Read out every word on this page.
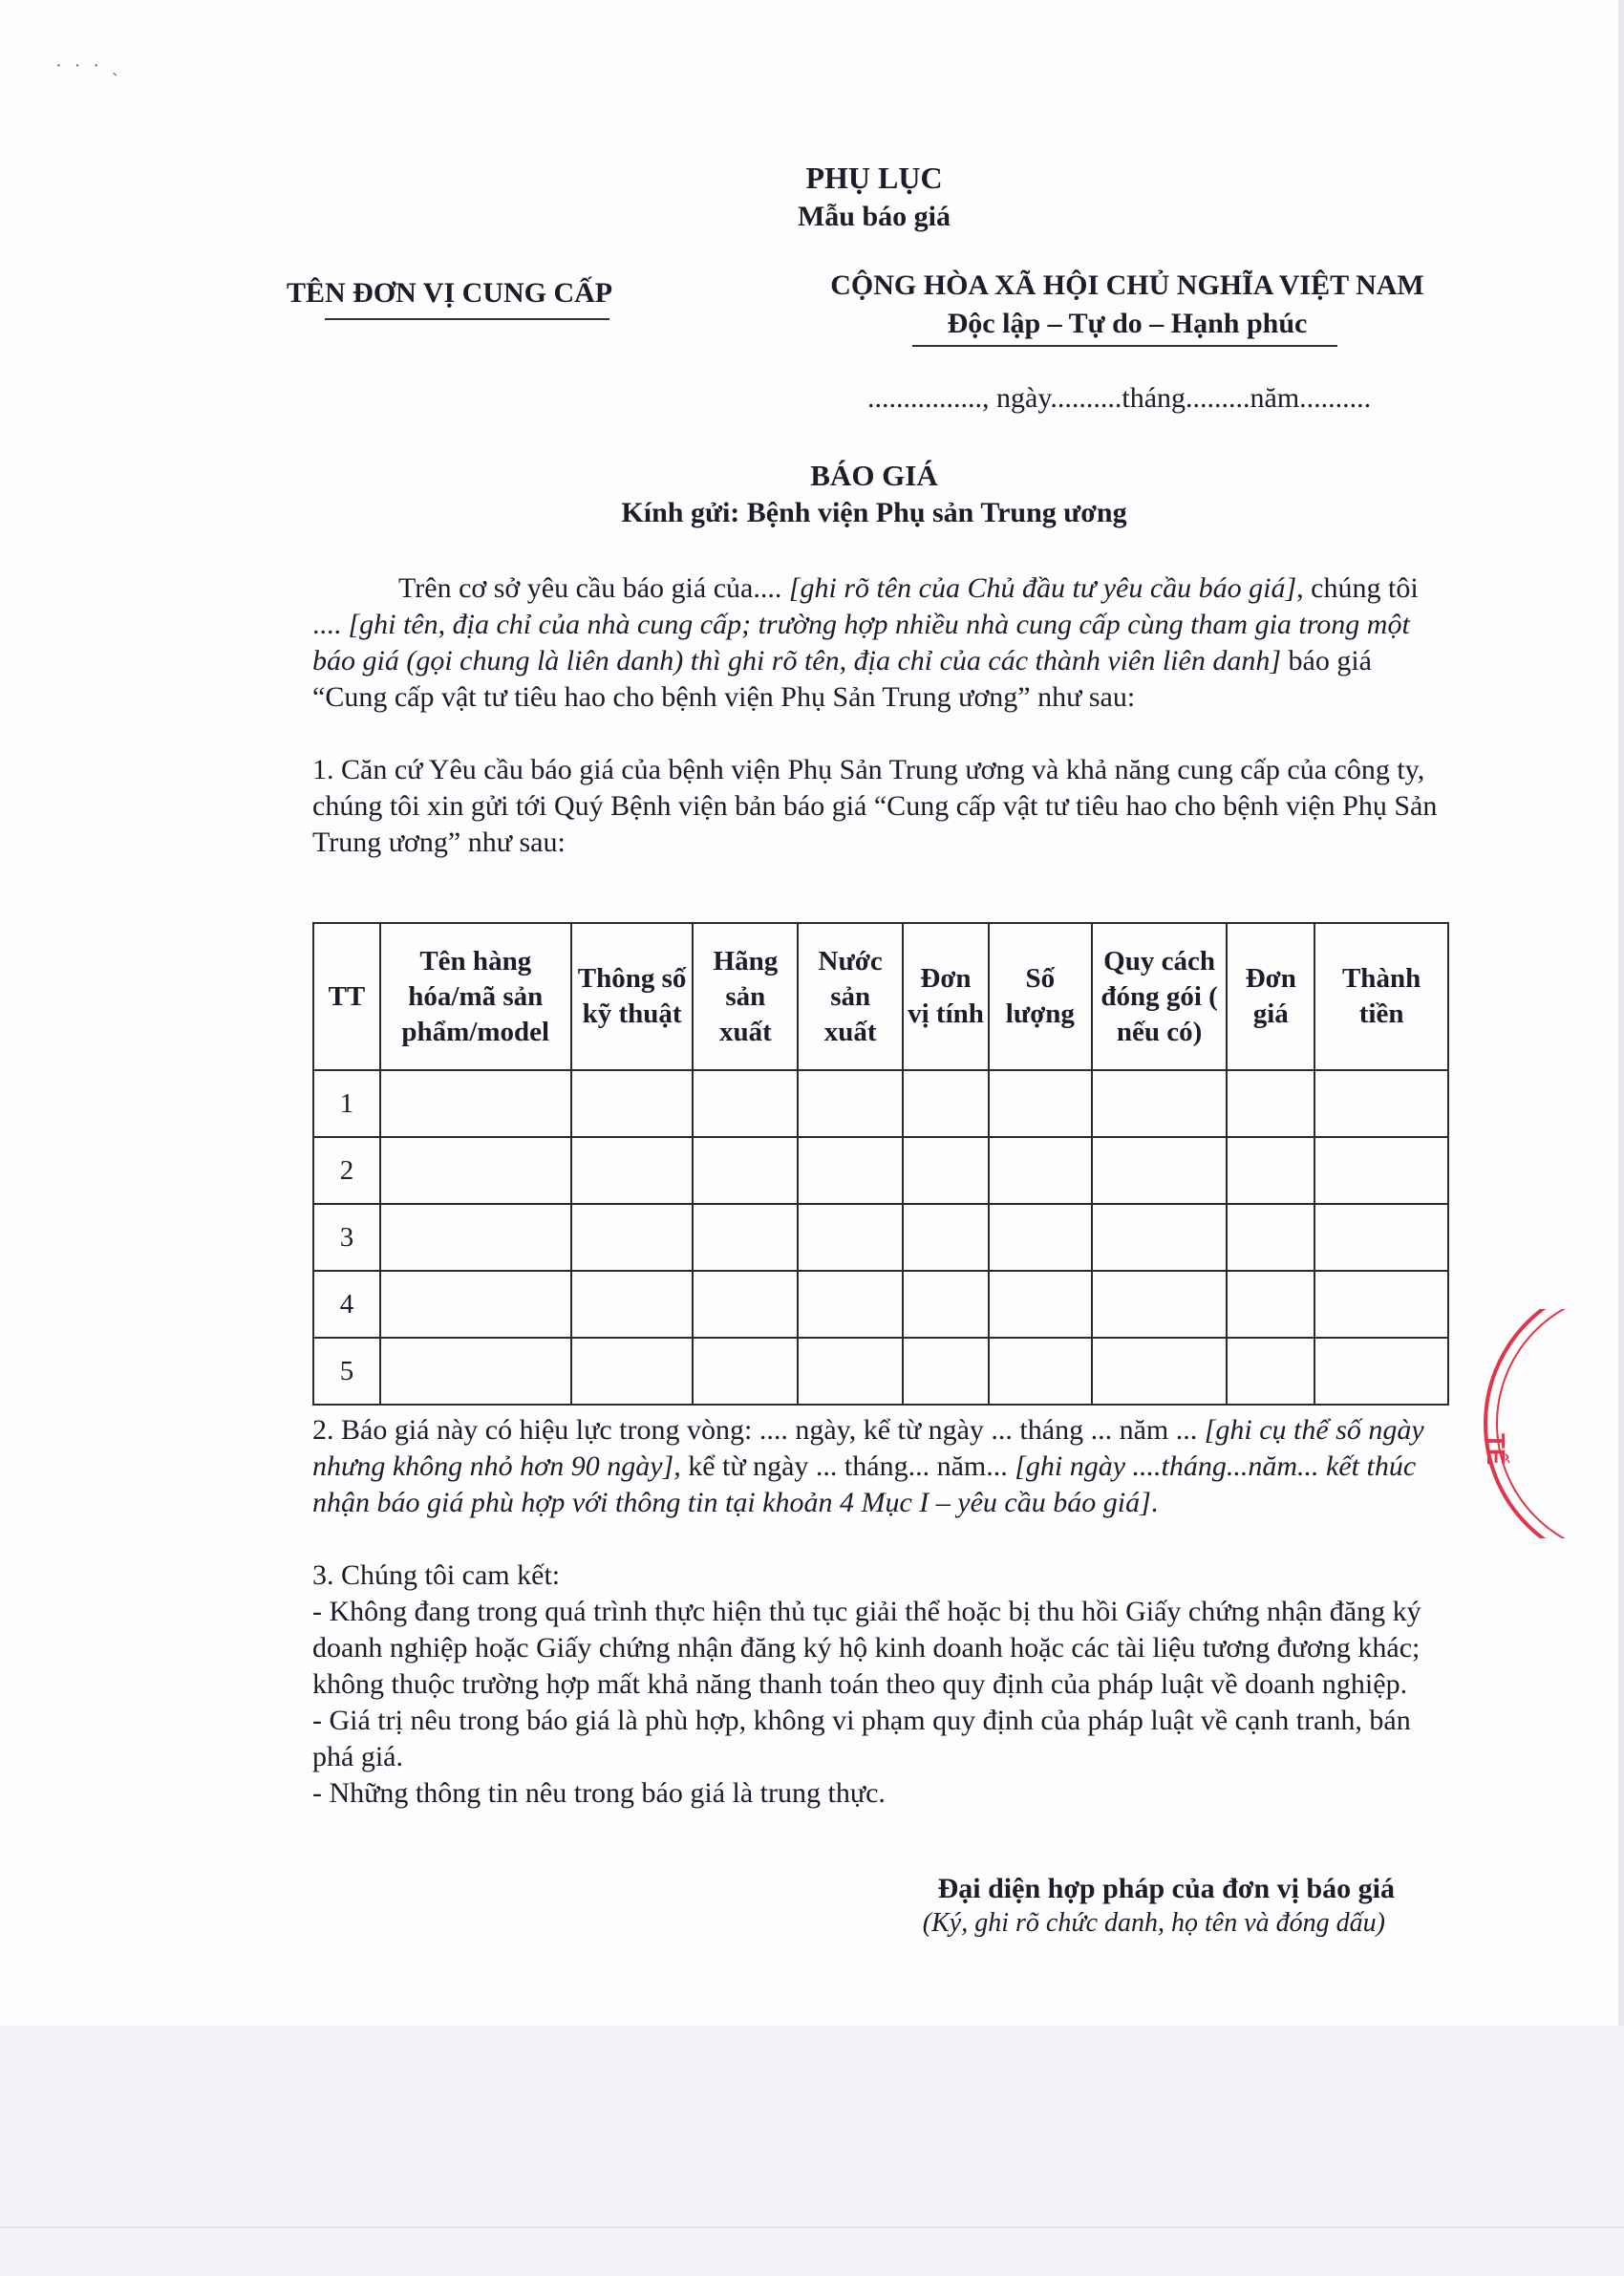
· · · ˎ
PHỤ LỤC
Mẫu báo giá
TÊN ĐƠN VỊ CUNG CẤP	CỘNG HÒA XÃ HỘI CHỦ NGHĨA VIỆT NAM
Độc lập – Tự do – Hạnh phúc
................, ngày..........tháng.........năm..........
BÁO GIÁ
Kính gửi: Bệnh viện Phụ sản Trung ương

Trên cơ sở yêu cầu báo giá của.... [ghi rõ tên của Chủ đầu tư yêu cầu báo giá], chúng tôi .... [ghi tên, địa chỉ của nhà cung cấp; trường hợp nhiều nhà cung cấp cùng tham gia trong một báo giá (gọi chung là liên danh) thì ghi rõ tên, địa chỉ của các thành viên liên danh] báo giá “Cung cấp vật tư tiêu hao cho bệnh viện Phụ Sản Trung ương” như sau:

1. Căn cứ Yêu cầu báo giá của bệnh viện Phụ Sản Trung ương và khả năng cung cấp của công ty, chúng tôi xin gửi tới Quý Bệnh viện bản báo giá “Cung cấp vật tư tiêu hao cho bệnh viện Phụ Sản Trung ương” như sau:
TT	Tên hàng hóa/mã sản phẩm/model	Thông số kỹ thuật	Hãng sản xuất	Nước sản xuất	Đơn vị tính	Số lượng	Quy cách đóng gói ( nếu có)	Đơn giá	Thành tiền
1									
2									
3									
4									
5									
2. Báo giá này có hiệu lực trong vòng: .... ngày, kể từ ngày ... tháng ... năm ... [ghi cụ thể số ngày nhưng không nhỏ hơn 90 ngày], kể từ ngày ... tháng... năm... [ghi ngày ....tháng...năm... kết thúc nhận báo giá phù hợp với thông tin tại khoản 4 Mục I – yêu cầu báo giá].

3. Chúng tôi cam kết:

- Không đang trong quá trình thực hiện thủ tục giải thể hoặc bị thu hồi Giấy chứng nhận đăng ký doanh nghiệp hoặc Giấy chứng nhận đăng ký hộ kinh doanh hoặc các tài liệu tương đương khác; không thuộc trường hợp mất khả năng thanh toán theo quy định của pháp luật về doanh nghiệp.

- Giá trị nêu trong báo giá là phù hợp, không vi phạm quy định của pháp luật về cạnh tranh, bán phá giá.

- Những thông tin nêu trong báo giá là trung thực.

Đại diện hợp pháp của đơn vị báo giá
(Ký, ghi rõ chức danh, họ tên và đóng dấu)
TẾ
